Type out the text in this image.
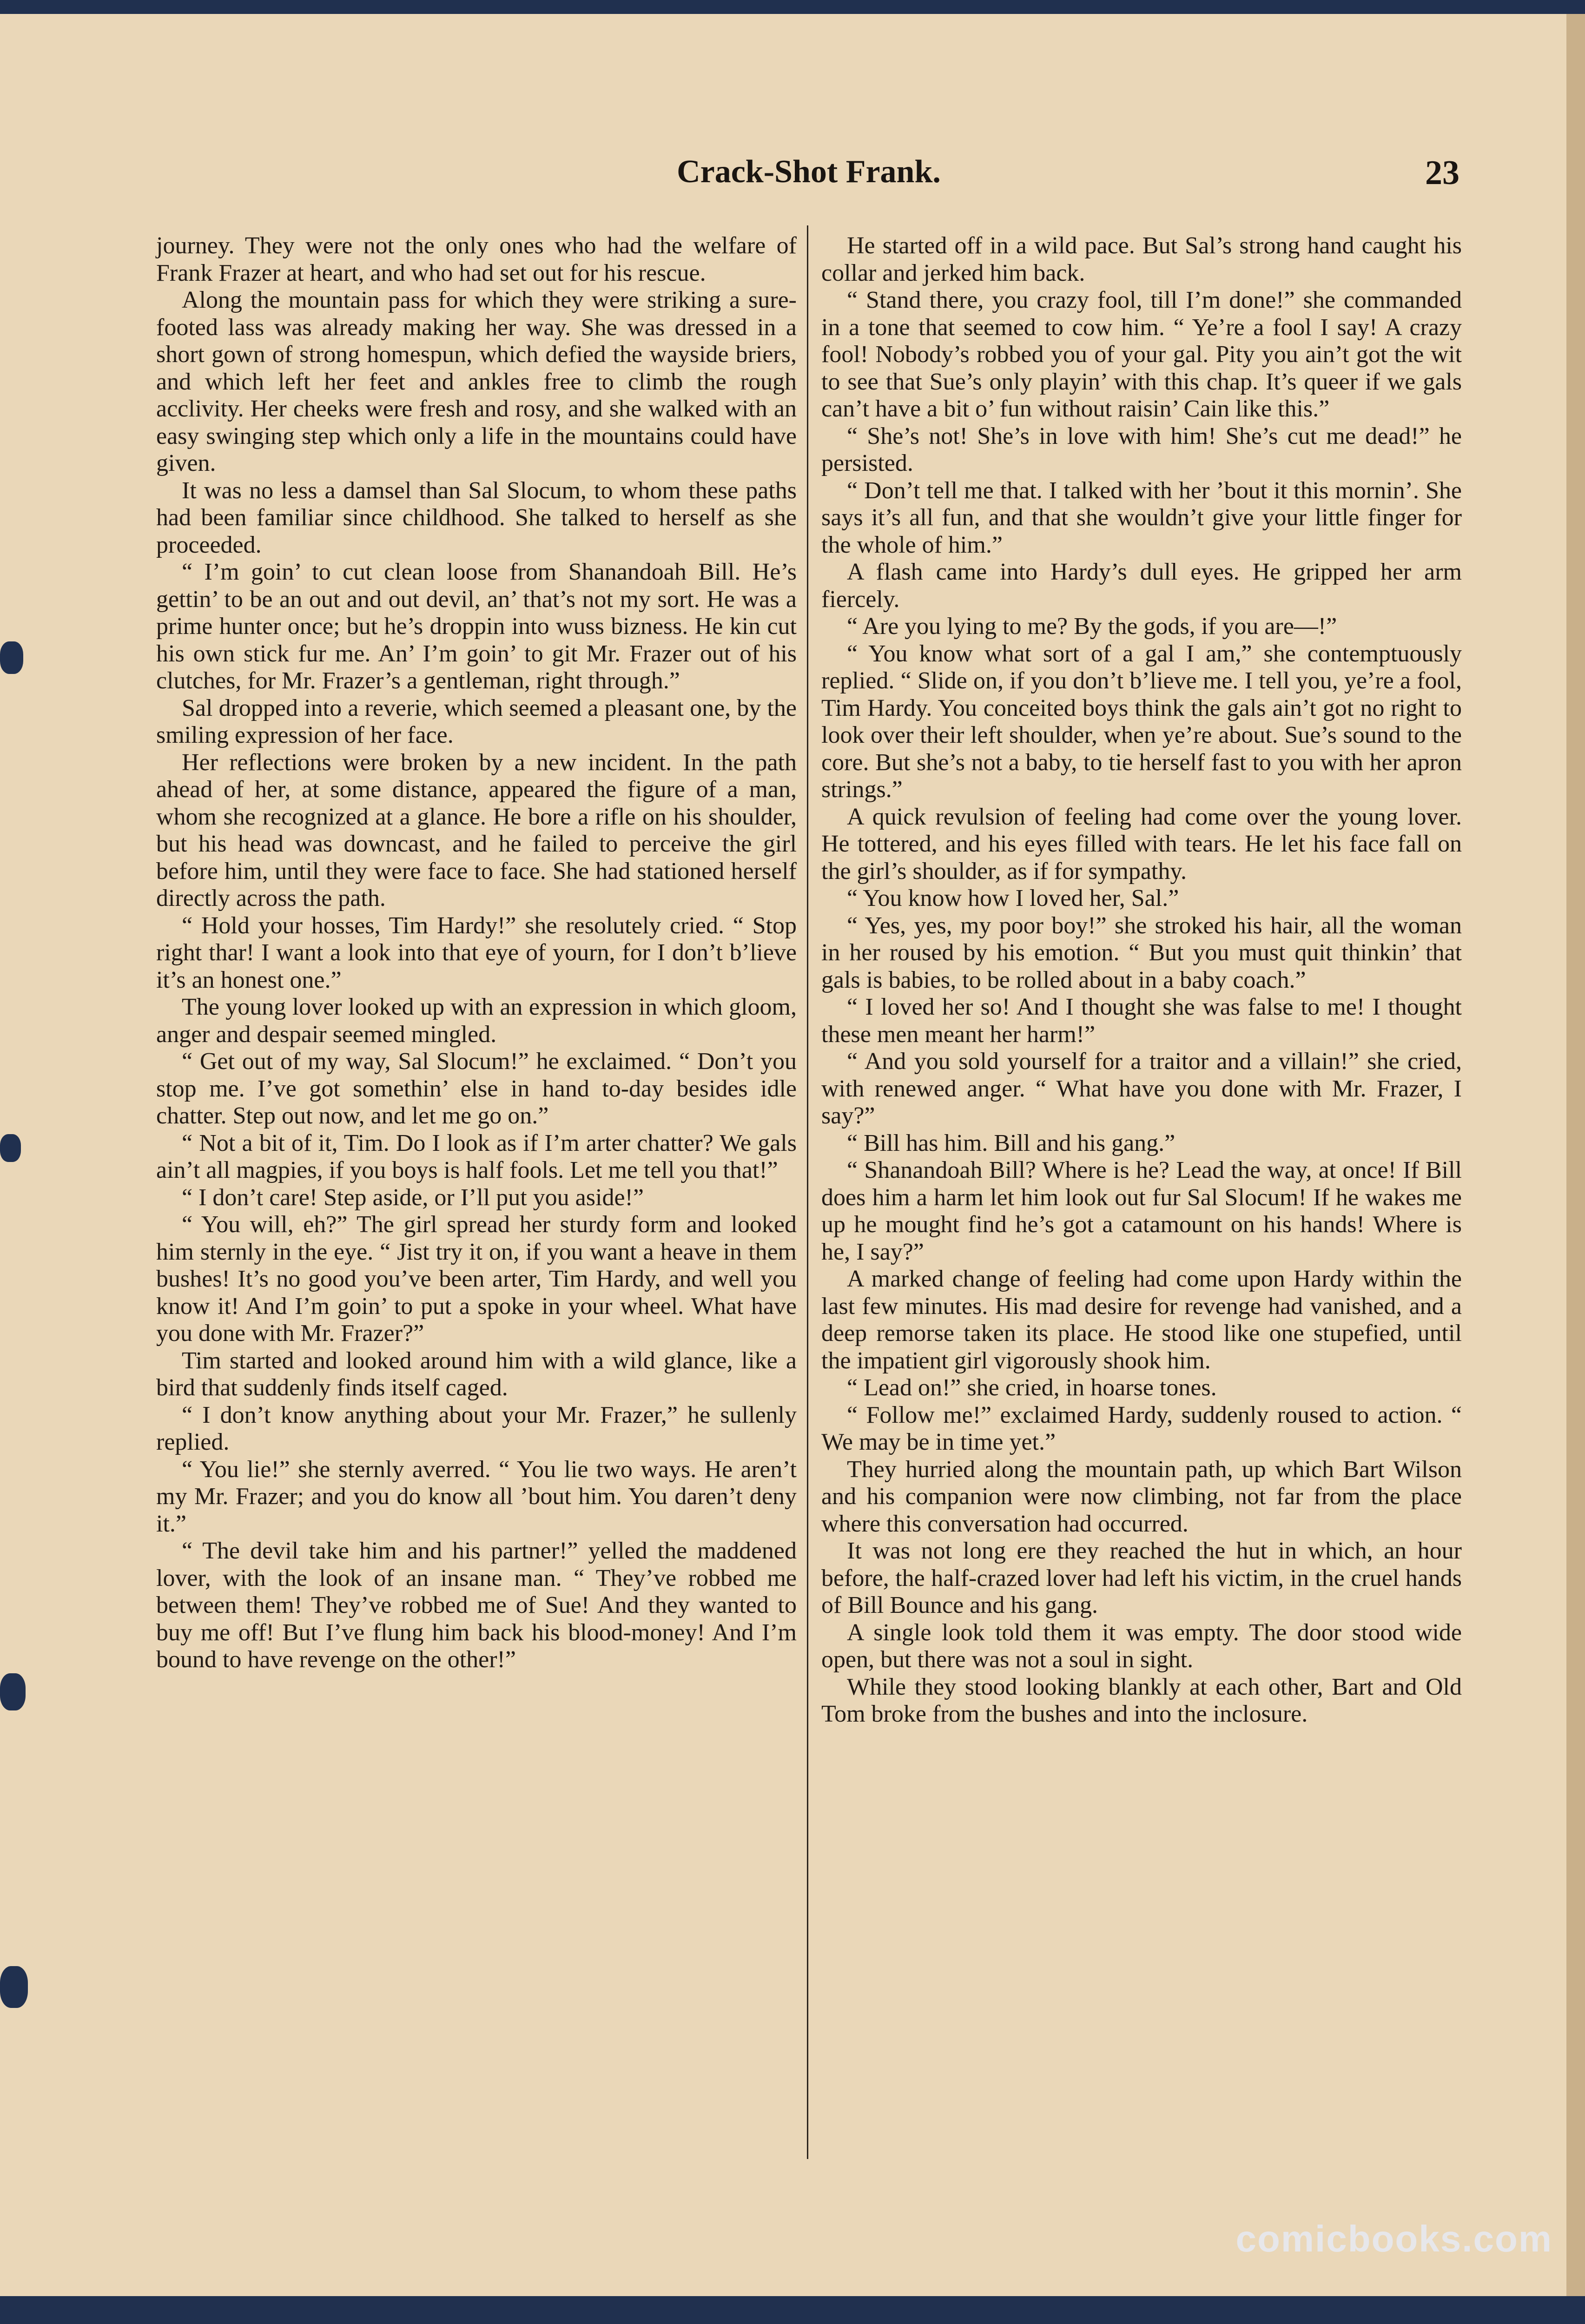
Crack-Shot Frank.	23

journey. They were not the only ones who had the welfare of Frank Frazer at heart, and who had set out for his rescue.

Along the mountain pass for which they were striking a sure-footed lass was already making her way. She was dressed in a short gown of strong homespun, which defied the wayside briers, and which left her feet and ankles free to climb the rough acclivity. Her cheeks were fresh and rosy, and she walked with an easy swinging step which only a life in the mountains could have given.

It was no less a damsel than Sal Slocum, to whom these paths had been familiar since childhood. She talked to herself as she proceeded.

“ I’m goin’ to cut clean loose from Shanandoah Bill. He’s gettin’ to be an out and out devil, an’ that’s not my sort. He was a prime hunter once; but he’s droppin into wuss bizness. He kin cut his own stick fur me. An’ I’m goin’ to git Mr. Frazer out of his clutches, for Mr. Frazer’s a gentleman, right through.”

Sal dropped into a reverie, which seemed a pleasant one, by the smiling expression of her face.

Her reflections were broken by a new incident. In the path ahead of her, at some distance, appeared the figure of a man, whom she recognized at a glance. He bore a rifle on his shoulder, but his head was downcast, and he failed to perceive the girl before him, until they were face to face. She had stationed herself directly across the path.

“ Hold your hosses, Tim Hardy!” she resolutely cried. “ Stop right thar! I want a look into that eye of yourn, for I don’t b’lieve it’s an honest one.”

The young lover looked up with an expression in which gloom, anger and despair seemed mingled.

“ Get out of my way, Sal Slocum!” he exclaimed. “ Don’t you stop me. I’ve got somethin’ else in hand to-day besides idle chatter. Step out now, and let me go on.”

“ Not a bit of it, Tim. Do I look as if I’m arter chatter? We gals ain’t all magpies, if you boys is half fools. Let me tell you that!”

“ I don’t care! Step aside, or I’ll put you aside!”

“ You will, eh?” The girl spread her sturdy form and looked him sternly in the eye. “ Jist try it on, if you want a heave in them bushes! It’s no good you’ve been arter, Tim Hardy, and well you know it! And I’m goin’ to put a spoke in your wheel. What have you done with Mr. Frazer?”

Tim started and looked around him with a wild glance, like a bird that suddenly finds itself caged.

“ I don’t know anything about your Mr. Frazer,” he sullenly replied.

“ You lie!” she sternly averred. “ You lie two ways. He aren’t my Mr. Frazer; and you do know all ’bout him. You daren’t deny it.”

“ The devil take him and his partner!” yelled the maddened lover, with the look of an insane man. “ They’ve robbed me between them! They’ve robbed me of Sue! And they wanted to buy me off! But I’ve flung him back his blood-money! And I’m bound to have revenge on the other!”

He started off in a wild pace. But Sal’s strong hand caught his collar and jerked him back.

“ Stand there, you crazy fool, till I’m done!” she commanded in a tone that seemed to cow him. “ Ye’re a fool I say! A crazy fool! Nobody’s robbed you of your gal. Pity you ain’t got the wit to see that Sue’s only playin’ with this chap. It’s queer if we gals can’t have a bit o’ fun without raisin’ Cain like this.”

“ She’s not! She’s in love with him! She’s cut me dead!” he persisted.

“ Don’t tell me that. I talked with her ’bout it this mornin’. She says it’s all fun, and that she wouldn’t give your little finger for the whole of him.”

A flash came into Hardy’s dull eyes. He gripped her arm fiercely.

“ Are you lying to me? By the gods, if you are—!”

“ You know what sort of a gal I am,” she contemptuously replied. “ Slide on, if you don’t b’lieve me. I tell you, ye’re a fool, Tim Hardy. You conceited boys think the gals ain’t got no right to look over their left shoulder, when ye’re about. Sue’s sound to the core. But she’s not a baby, to tie herself fast to you with her apron strings.”

A quick revulsion of feeling had come over the young lover. He tottered, and his eyes filled with tears. He let his face fall on the girl’s shoulder, as if for sympathy.

“ You know how I loved her, Sal.”

“ Yes, yes, my poor boy!” she stroked his hair, all the woman in her roused by his emotion. “ But you must quit thinkin’ that gals is babies, to be rolled about in a baby coach.”

“ I loved her so! And I thought she was false to me! I thought these men meant her harm!”

“ And you sold yourself for a traitor and a villain!” she cried, with renewed anger. “ What have you done with Mr. Frazer, I say?”

“ Bill has him. Bill and his gang.”

“ Shanandoah Bill? Where is he? Lead the way, at once! If Bill does him a harm let him look out fur Sal Slocum! If he wakes me up he mought find he’s got a catamount on his hands! Where is he, I say?”

A marked change of feeling had come upon Hardy within the last few minutes. His mad desire for revenge had vanished, and a deep remorse taken its place. He stood like one stupefied, until the impatient girl vigorously shook him.

“ Lead on!” she cried, in hoarse tones.

“ Follow me!” exclaimed Hardy, suddenly roused to action. “ We may be in time yet.”

They hurried along the mountain path, up which Bart Wilson and his companion were now climbing, not far from the place where this conversation had occurred.

It was not long ere they reached the hut in which, an hour before, the half-crazed lover had left his victim, in the cruel hands of Bill Bounce and his gang.

A single look told them it was empty. The door stood wide open, but there was not a soul in sight.

While they stood looking blankly at each other, Bart and Old Tom broke from the bushes and into the inclosure.

comicbooks.com
